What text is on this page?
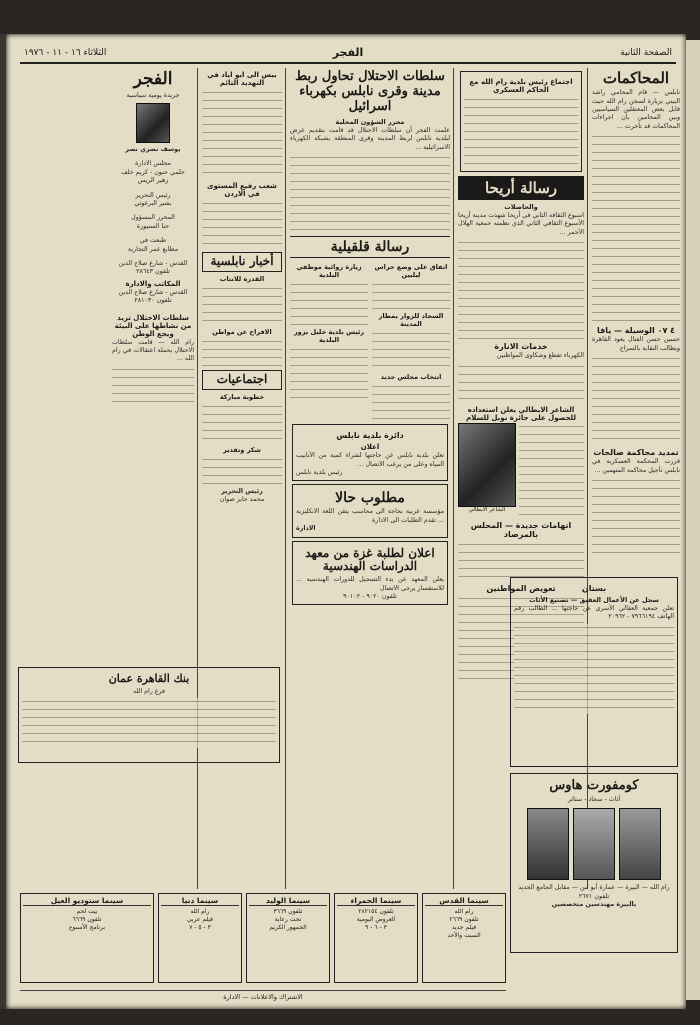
الصفحة الثانية
الفجر
الثلاثاء ١٦ - ١١ - ١٩٧٦
المحاكمات
نابلس — قام المحامي راشد البيتي بزيارة لسجن رام الله حيث قابل بعض المعتقلين السياسيين وبين المحامين بأن اجراءات المحاكمات قد تأخرت ...
٤ ٠٧ الوسيلة — يافا
حسين حسن الفتال يعود القاهرة ويطالب النقابة بالسراح
تمديد محاكمة صالحات
قررت المحكمة العسكرية في نابلس تأجيل محاكمة المتهمين ...
اجتماع رئيس بلدية رام الله مع الحاكم العسكري
رسالة أريحا
والحاصلات
اسبوع الثقافة الثاني في أريحا شهدت مدينة أريحا الأسبوع الثقافي الثاني الذي نظمته جمعية الهلال الأحمر ...
خدمات الانارة
الكهرباء تقطع وشكاوى المواطنين
الشاعر الايطالي يعلن استعداده للحصول على جائزة نوبل للسلام
الشاعر الايطالي
اتهامات جديدة — المجلس بالمرصاد
تعويض المواطنين
سلطات الاحتلال تحاول ربط مدينة وقرى نابلس بكهرباء اسرائيل
محرر الشؤون المحلية
علمت الفجر أن سلطات الاحتلال قد قامت بتقديم عرض لبلدية نابلس لربط المدينة وقرى المنطقة بشبكة الكهرباء الاسرائيلية ...
رسالة قلقيلية
اتفاق على وضع حراس ليليين
السجاد للزوار بمطار المدينة
انتخاب مجلس جديد
زيارة روائية موظفي البلدية
رئيس بلدية خليل يزور البلدية
دائرة بلدية نابلس
اعلان
تعلن بلدية نابلس عن حاجتها لشراء كمية من الأنابيب المياه وعلى من يرغب الاتصال ...
رئيس بلدية نابلس
مطلوب حالا
مؤسسة عربية بحاجة الى محاسب يتقن اللغة الانكليزية ... تقدم الطلبات الى الادارة
الادارة
اعلان لطلبة غزة من معهد الدراسات الهندسية
يعلن المعهد عن بدء التسجيل للدورات الهندسية ... للاستفسار يرجى الاتصال
تلفون ٩٠٢٠ - ٩٠١٠٢
بيس الى ابو اياد في التهديد التائم
شعب رفيع المستوى في الاردن
أخبار نابلسية
القدرة للانتاب
الافراح عن مواطن
اجتماعيات
خطوبة مباركة
شكر وتقدير
رئيس التحرير
محمد جابر صوان
الفجر
جريدة يومية سياسية
يوسف نصري نصر
مجلس الادارة
حلمي حنون - كريم خلف
زهير الريس
رئيس التحرير
بشير البرغوثي
المحرر المسؤول
حنا السنيورة
طبعت في
مطابع عمر التجارية
القدس - شارع صلاح الدين
تلفون ٢٨٦٤٣
المكاتب والادارة
القدس - شارع صلاح الدين
تلفون ٢٨١٠٣٠
سلطات الاحتلال تزيد من نشاطها على البيئة ويجع الوطن
رام الله — قامت سلطات الاحتلال بحملة اعتقالات في رام الله ...
بنك القاهرة عمان
فرع رام الله
بستان
سجل عن الأعمال العقيق — تصنيع الأثاث
تعلن جمعية العقالي الأسرى عن حاجتها ... الطالب رقم الهاتف ٧٩٦٦١٩٤ - ٢٠٩٦٢
كومفورت هاوس
أثاث - سجاد - ستائر
رام الله — البيرة — عمارة أبو لبن — مقابل الجامع الجديد تلفون ٢٦٧١
بالبيرة مهندسين متخصصين
سينما القدس
رام الله
تلفون ٢٦٦٩
فيلم جديد
السبت والأحد
سينما الحمراء
تلفون ٢٨٢١٥٤
العروض اليومية
٣ - ٦ - ٩
سينما الوليد
تلفون ٣٦٦٩
تحت رعاية
الجمهور الكريم
سينما دنيا
رام الله
فيلم عربي
٣ - ٥ - ٧
سينما ستوديو العيل
بيت لحم
تلفون ٦٦٦٩
برنامج الأسبوع
الاشتراك والاعلانات — الادارة
